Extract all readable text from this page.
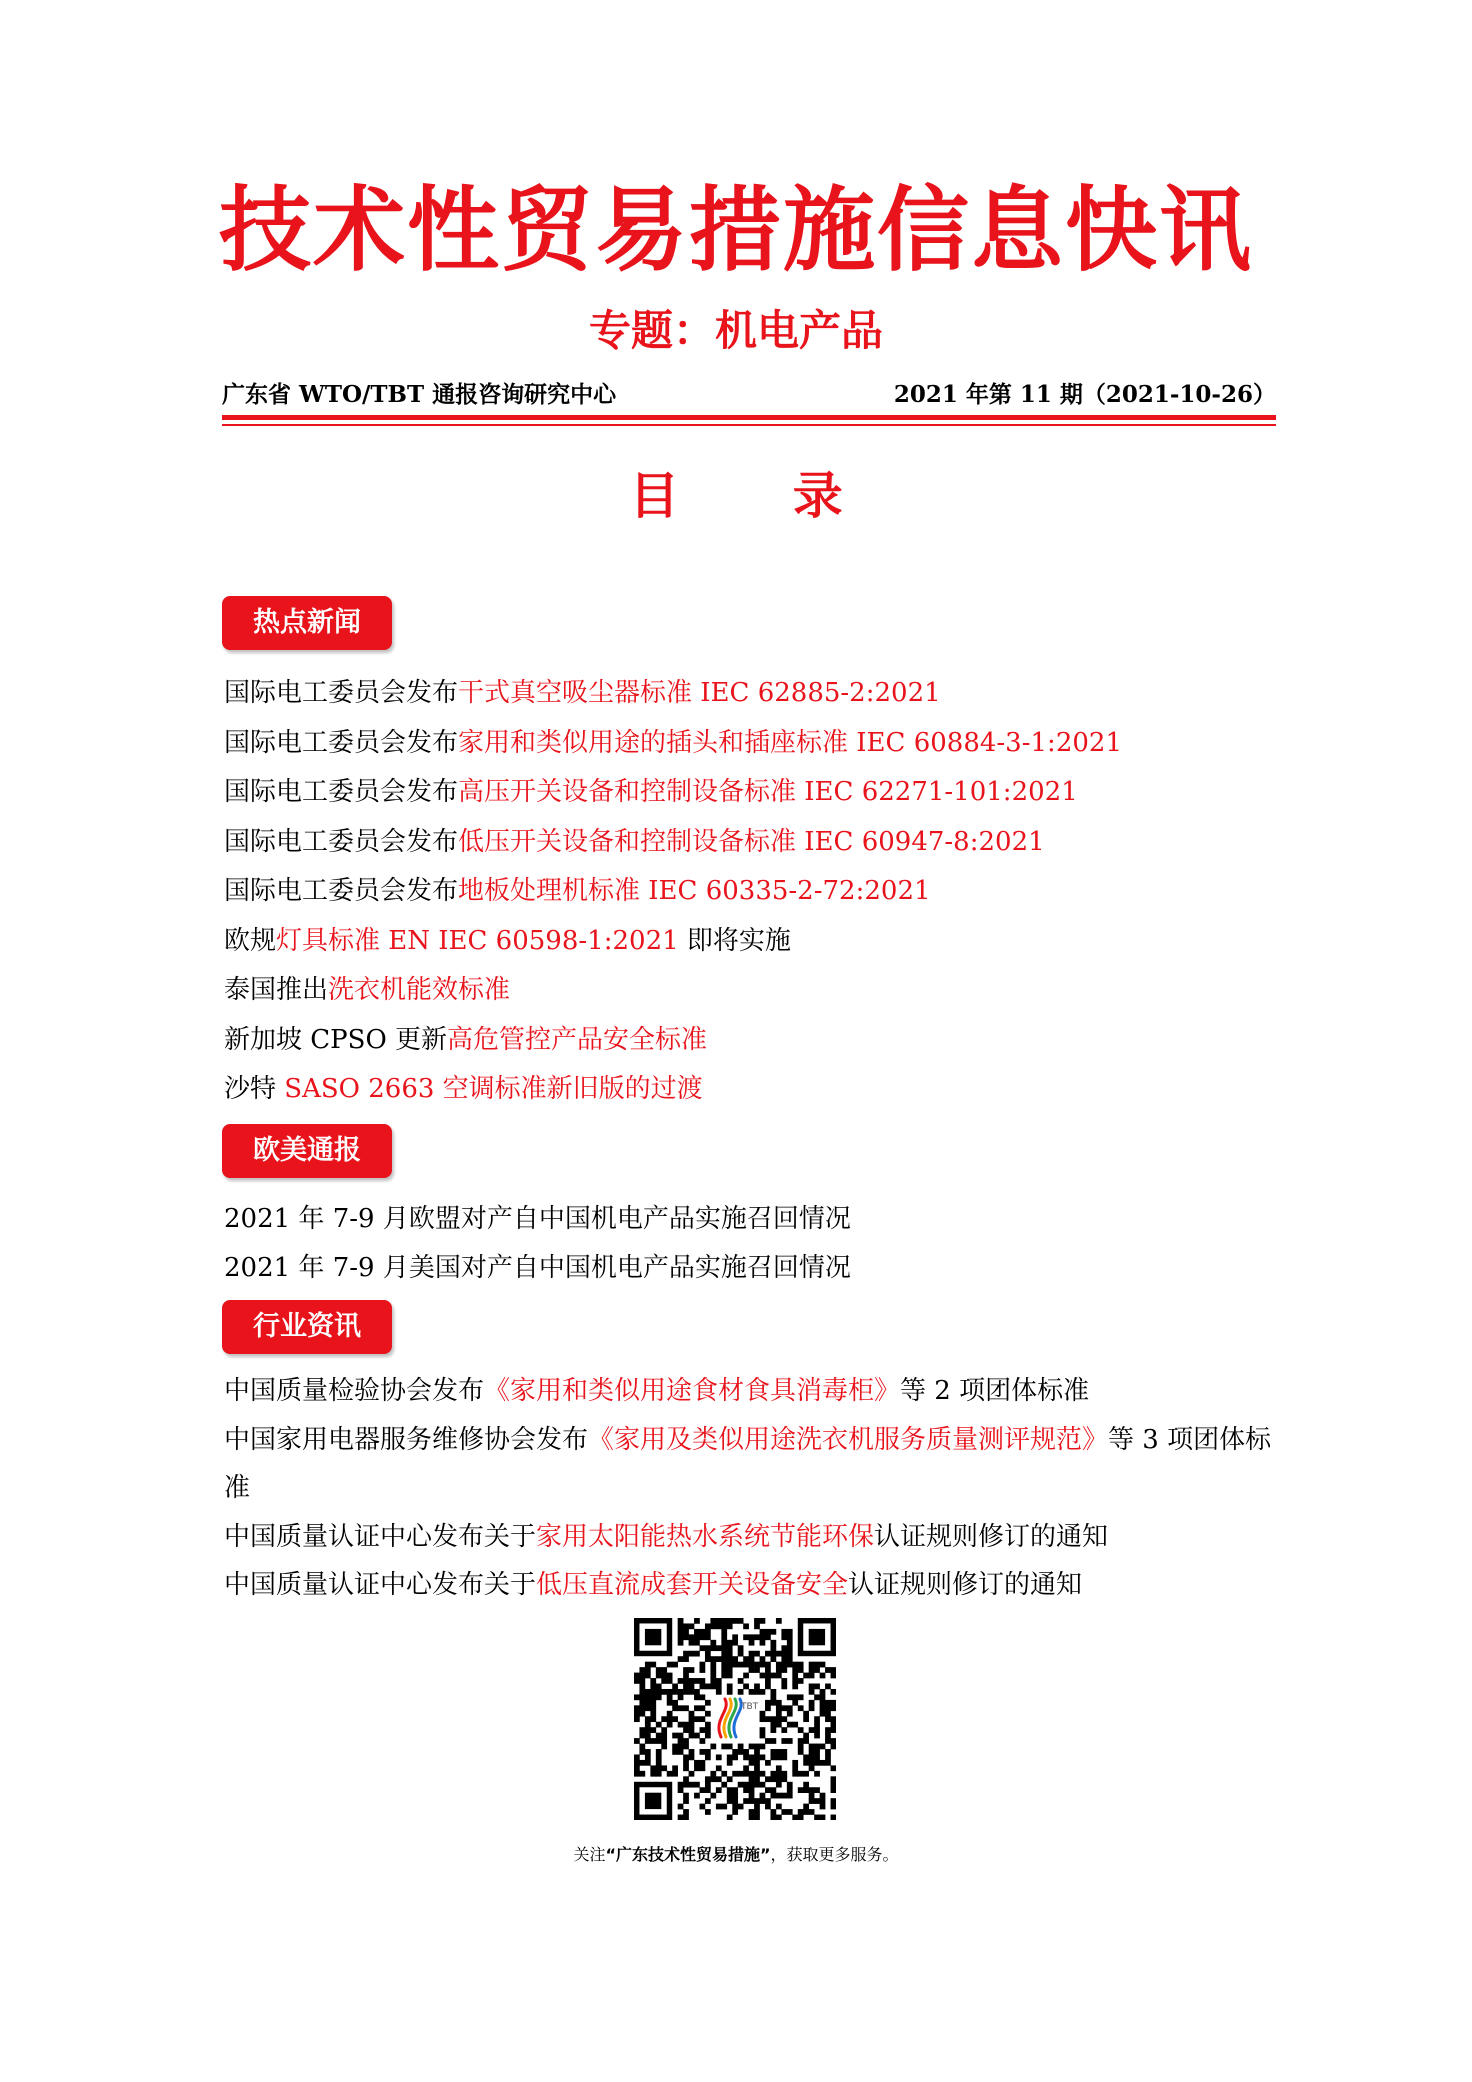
技术性贸易措施信息快讯
专题：机电产品
广东省 WTO/TBT 通报咨询研究中心	2021 年第 11 期（2021-10-26）
目 录
热点新闻
国际电工委员会发布干式真空吸尘器标准 IEC 62885-2:2021
国际电工委员会发布家用和类似用途的插头和插座标准 IEC 60884-3-1:2021
国际电工委员会发布高压开关设备和控制设备标准 IEC 62271-101:2021
国际电工委员会发布低压开关设备和控制设备标准 IEC 60947-8:2021
国际电工委员会发布地板处理机标准 IEC 60335-2-72:2021
欧规灯具标准 EN IEC 60598-1:2021 即将实施
泰国推出洗衣机能效标准
新加坡 CPSO 更新高危管控产品安全标准
沙特 SASO 2663 空调标准新旧版的过渡
欧美通报
2021 年 7-9 月欧盟对产自中国机电产品实施召回情况
2021 年 7-9 月美国对产自中国机电产品实施召回情况
行业资讯
中国质量检验协会发布《家用和类似用途食材食具消毒柜》等 2 项团体标准
中国家用电器服务维修协会发布《家用及类似用途洗衣机服务质量测评规范》等 3 项团体标准
中国质量认证中心发布关于家用太阳能热水系统节能环保认证规则修订的通知
中国质量认证中心发布关于低压直流成套开关设备安全认证规则修订的通知
TBT
关注“广东技术性贸易措施”，获取更多服务。
